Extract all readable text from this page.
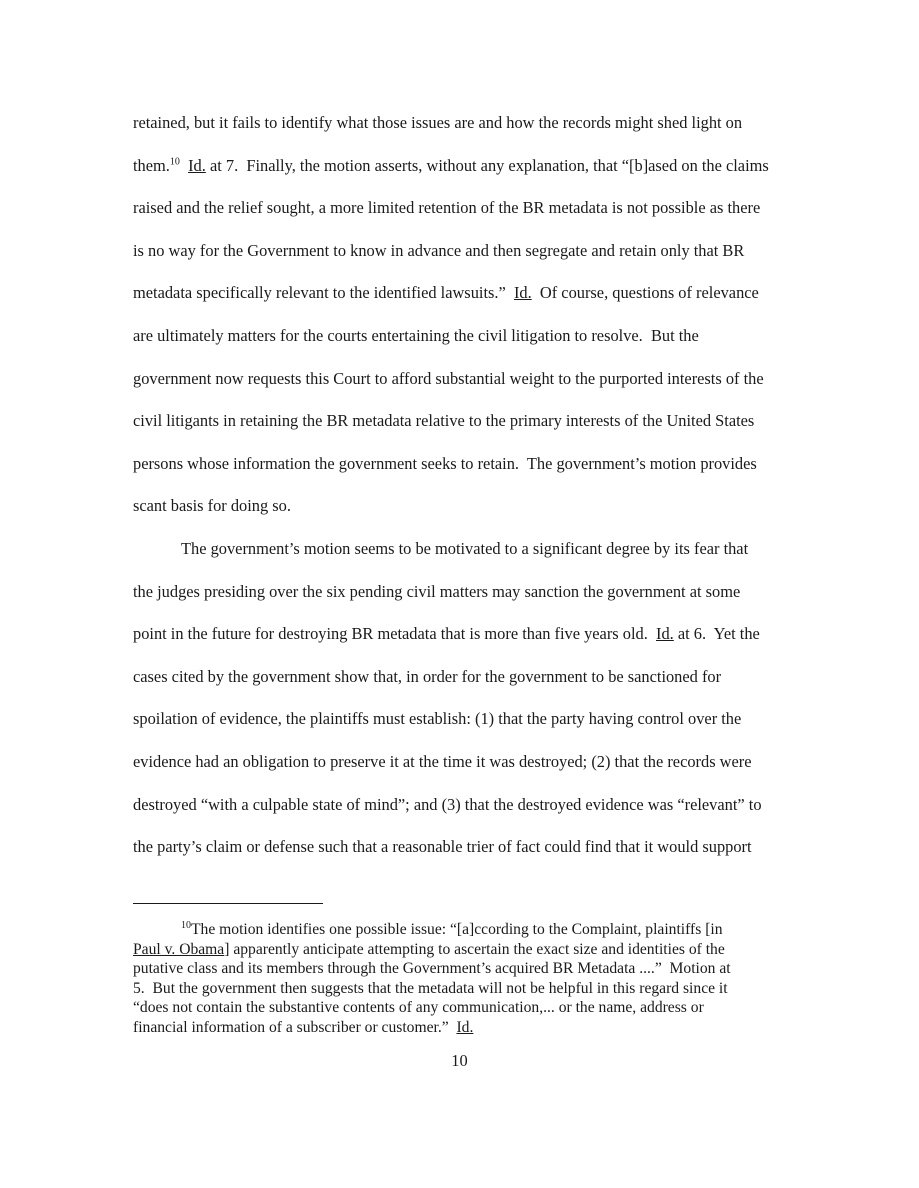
retained, but it fails to identify what those issues are and how the records might shed light on
them.$^{10}$ Id. at 7.  Finally, the motion asserts, without any explanation, that “[b]ased on the claims
raised and the relief sought, a more limited retention of the BR metadata is not possible as there
is no way for the Government to know in advance and then segregate and retain only that BR
metadata specifically relevant to the identified lawsuits.”  Id.  Of course, questions of relevance
are ultimately matters for the courts entertaining the civil litigation to resolve.  But the
government now requests this Court to afford substantial weight to the purported interests of the
civil litigants in retaining the BR metadata relative to the primary interests of the United States
persons whose information the government seeks to retain.  The government’s motion provides
scant basis for doing so.
The government’s motion seems to be motivated to a significant degree by its fear that
the judges presiding over the six pending civil matters may sanction the government at some
point in the future for destroying BR metadata that is more than five years old.  Id. at 6.  Yet the
cases cited by the government show that, in order for the government to be sanctioned for
spoilation of evidence, the plaintiffs must establish: (1) that the party having control over the
evidence had an obligation to preserve it at the time it was destroyed; (2) that the records were
destroyed “with a culpable state of mind”; and (3) that the destroyed evidence was “relevant” to
the party’s claim or defense such that a reasonable trier of fact could find that it would support
$^{10}$The motion identifies one possible issue: “[a]ccording to the Complaint, plaintiffs [in
Paul v. Obama] apparently anticipate attempting to ascertain the exact size and identities of the
putative class and its members through the Government’s acquired BR Metadata ....”  Motion at
5.  But the government then suggests that the metadata will not be helpful in this regard since it
“does not contain the substantive contents of any communication,... or the name, address or
financial information of a subscriber or customer.”  Id.
10
